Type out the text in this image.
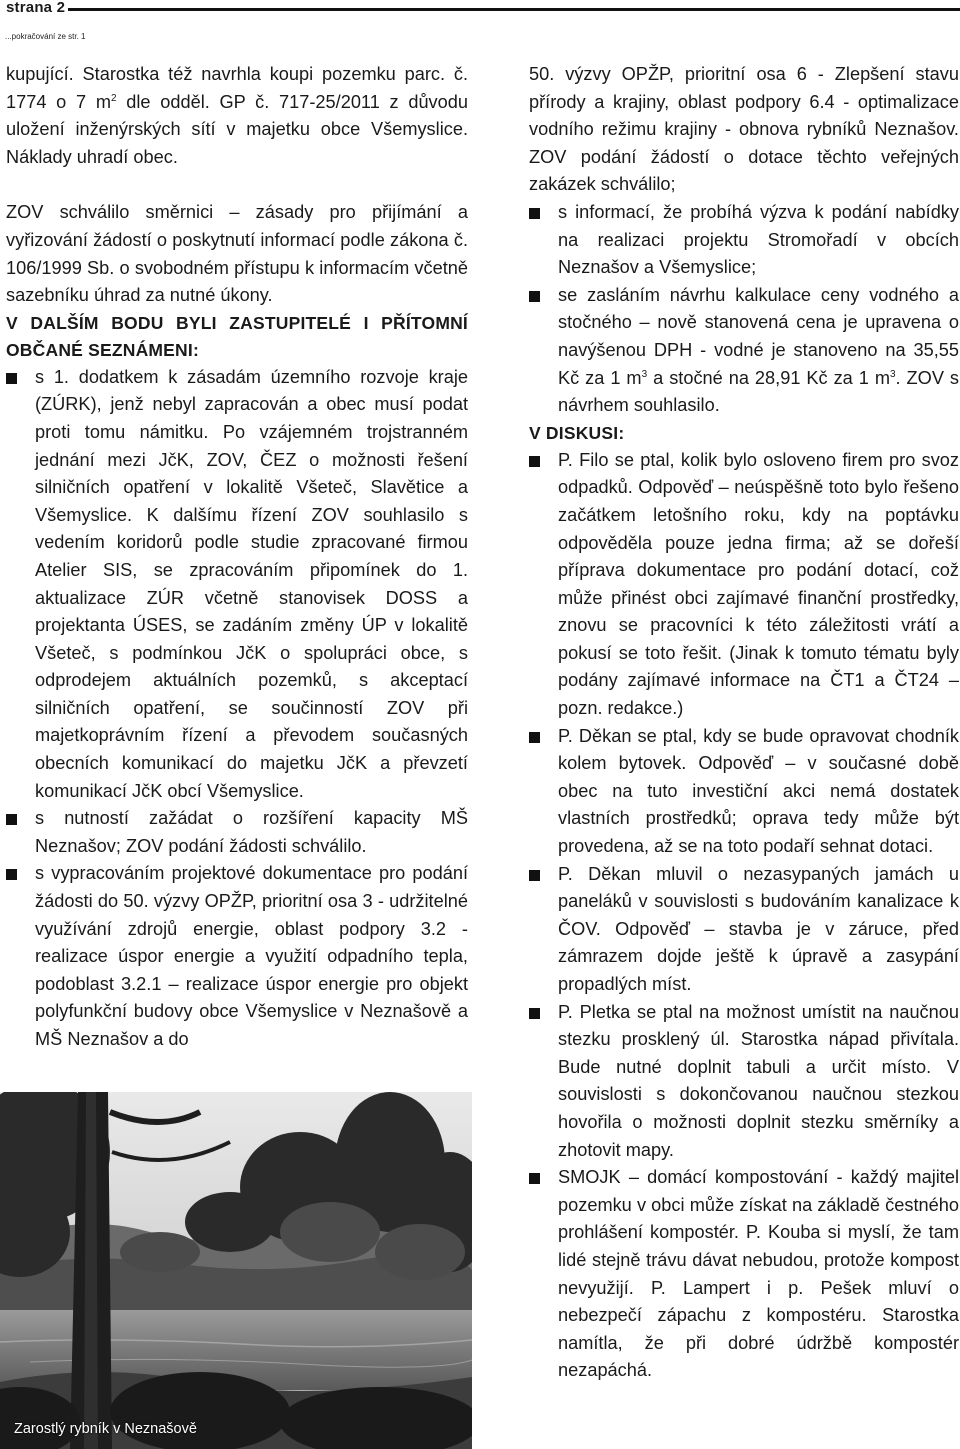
strana 2
...pokračování ze str. 1

kupující. Starostka též navrhla koupi pozemku parc. č. 1774 o 7 $m^2$ dle odděl. GP č. 717-25/2011 z důvodu uložení inženýrských sítí v majetku obce Všemyslice. Náklady uhradí obec.

ZOV schválilo směrnici – zásady pro přijímání a vyřizování žádostí o poskytnutí informací podle zákona č. 106/1999 Sb. o svobodném přístupu k informacím včetně sazebníku úhrad za nutné úkony.

V DALŠÍM BODU BYLI ZASTUPITELÉ I PŘÍTOMNÍ OBČANÉ SEZNÁMENI:

s 1. dodatkem k zásadám územního rozvoje kraje (ZÚRK), jenž nebyl zapracován a obec musí podat proti tomu námitku. Po vzájemném trojstranném jednání mezi JčK, ZOV, ČEZ o možnosti řešení silničních opatření v lokalitě Všeteč, Slavětice a Všemyslice. K dalšímu řízení ZOV souhlasilo s vedením koridorů podle studie zpracované firmou Atelier SIS, se zpracováním připomínek do 1. aktualizace ZÚR včetně stanovisek DOSS a projektanta ÚSES, se zadáním změny ÚP v lokalitě Všeteč, s podmínkou JčK o spolupráci obce, s odprodejem aktuálních pozemků, s akceptací silničních opatření, se součinností ZOV při majetkoprávním řízení a převodem současných obecních komunikací do majetku JčK a převzetí komunikací JčK obcí Všemyslice.

s nutností zažádat o rozšíření kapacity MŠ Neznašov; ZOV podání žádosti schválilo.

s vypracováním projektové dokumentace pro podání žádosti do 50. výzvy OPŽP, prioritní osa 3 - udržitelné využívání zdrojů energie, oblast podpory 3.2 - realizace úspor energie a využití odpadního tepla, podoblast 3.2.1 – realizace úspor energie pro objekt polyfunkční budovy obce Všemyslice v Neznašově a MŠ Neznašov a do

50. výzvy OPŽP, prioritní osa 6 - Zlepšení stavu přírody a krajiny, oblast podpory 6.4 - optimalizace vodního režimu krajiny - obnova rybníků Neznašov. ZOV podání žádostí o dotace těchto veřejných zakázek schválilo;

s informací, že probíhá výzva k podání nabídky na realizaci projektu Stromořadí v obcích Neznašov a Všemyslice;

se zasláním návrhu kalkulace ceny vodného a stočného – nově stanovená cena je upravena o navýšenou DPH - vodné je stanoveno na 35,55 Kč za 1 $m^3$ a stočné na 28,91 Kč za 1 $m^3$. ZOV s návrhem souhlasilo.

V DISKUSI:

P. Filo se ptal, kolik bylo osloveno firem pro svoz odpadků. Odpověď – neúspěšně toto bylo řešeno začátkem letošního roku, kdy na poptávku odpověděla pouze jedna firma; až se dořeší příprava dokumentace pro podání dotací, což může přinést obci zajímavé finanční prostředky, znovu se pracovníci k této záležitosti vrátí a pokusí se toto řešit. (Jinak k tomuto tématu byly podány zajímavé informace na ČT1 a ČT24 – pozn. redakce.)

P. Děkan se ptal, kdy se bude opravovat chodník kolem bytovek. Odpověď – v současné době obec na tuto investiční akci nemá dostatek vlastních prostředků; oprava tedy může být provedena, až se na toto podaří sehnat dotaci.

P. Děkan mluvil o nezasypaných jamách u paneláků v souvislosti s budováním kanalizace k ČOV. Odpověď – stavba je v záruce, před zámrazem dojde ještě k úpravě a zasypání propadlých míst.

P. Pletka se ptal na možnost umístit na naučnou stezku prosklený úl. Starostka nápad přivítala. Bude nutné doplnit tabuli a určit místo. V souvislosti s dokončovanou naučnou stezkou hovořila o možnosti doplnit stezku směrníky a zhotovit mapy.

SMOJK – domácí kompostování - každý majitel pozemku v obci může získat na základě čestného prohlášení kompostér. P. Kouba si myslí, že tam lidé stejně trávu dávat nebudou, protože kompost nevyužijí. P. Lampert i p. Pešek mluví o nebezpečí zápachu z kompostéru. Starostka namítla, že při dobré údržbě kompostér nezapáchá.

Zarostlý rybník v Neznašově
